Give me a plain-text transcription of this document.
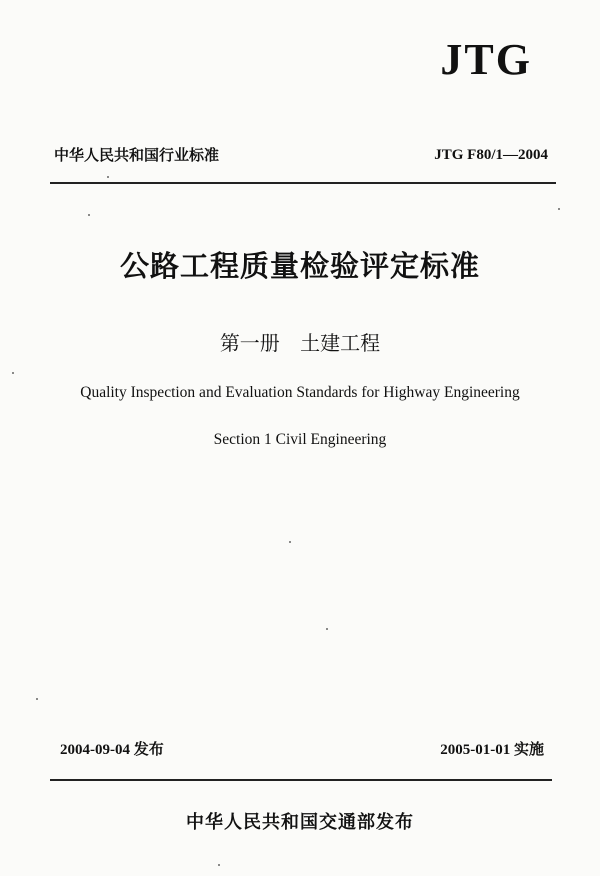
JTG
中华人民共和国行业标准	JTG F80/1—2004
公路工程质量检验评定标准
第一册 土建工程
Quality Inspection and Evaluation Standards for Highway Engineering
Section 1 Civil Engineering
2004-09-04 发布	2005-01-01 实施
中华人民共和国交通部发布
